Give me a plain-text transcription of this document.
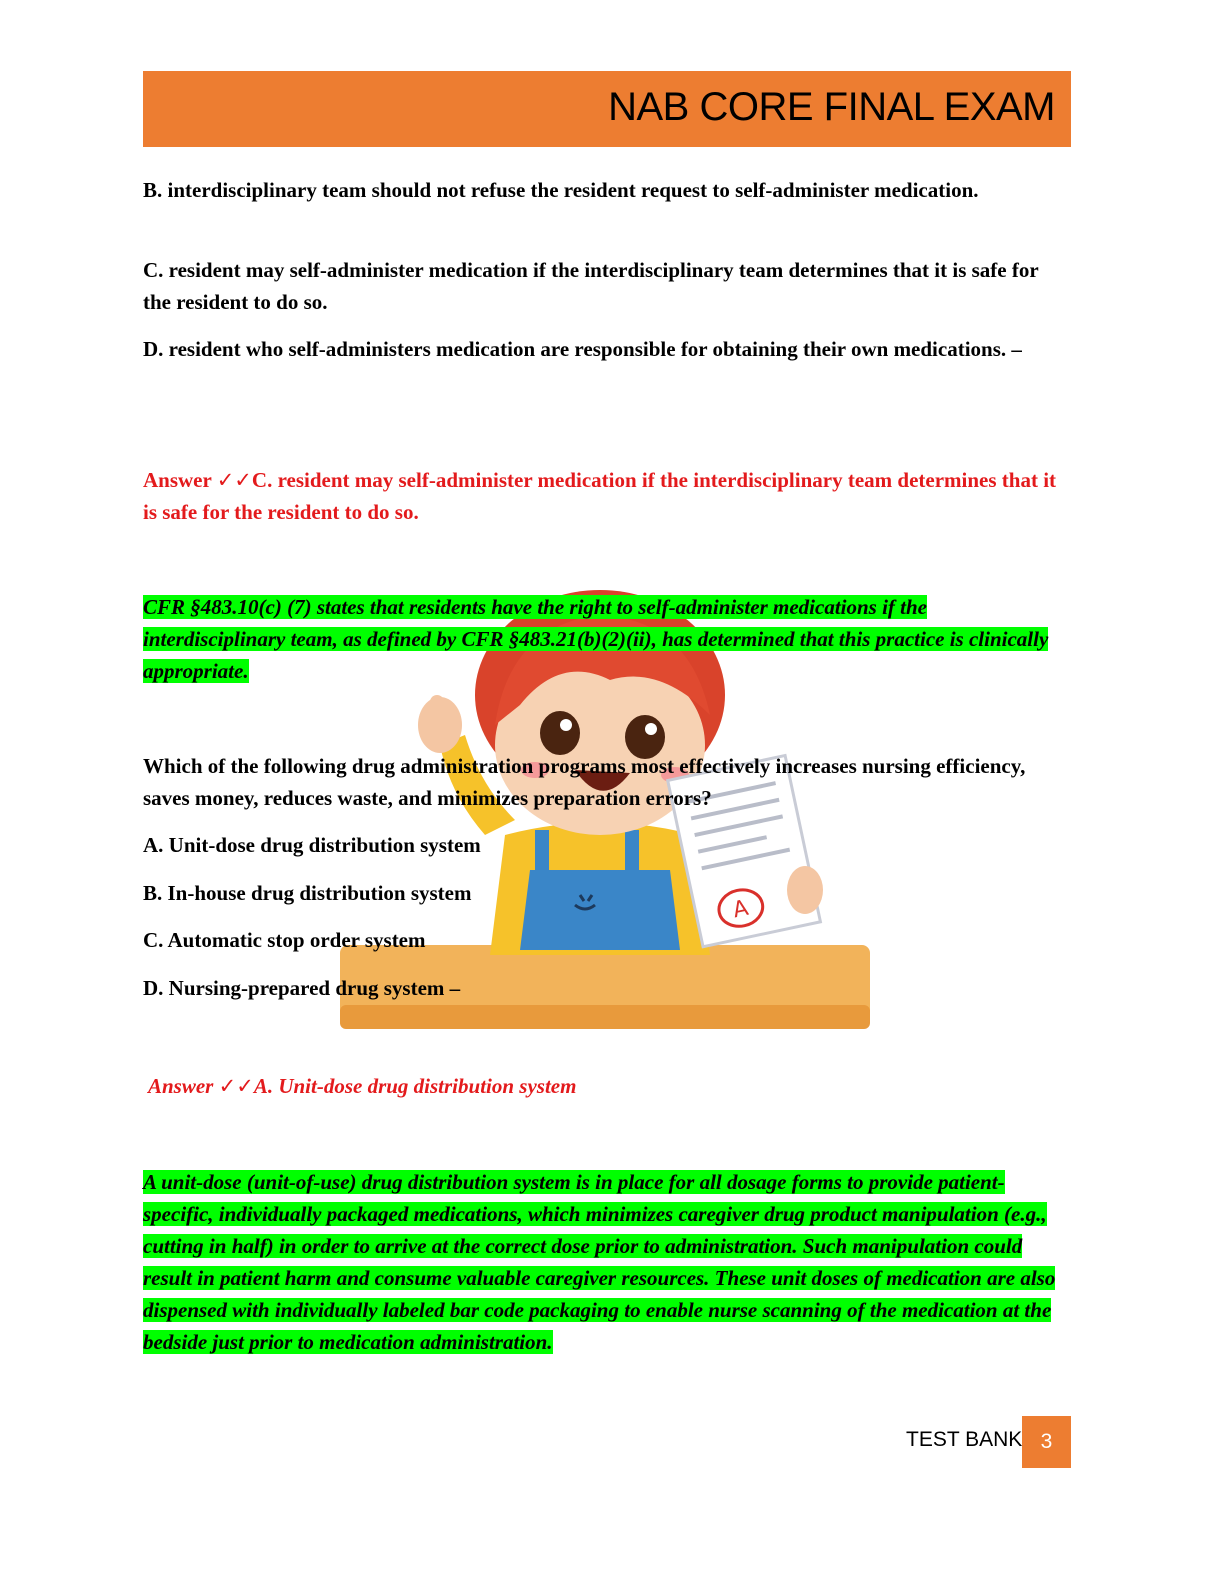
NAB CORE FINAL EXAM
A
B. interdisciplinary team should not refuse the resident request to self-administer medication.
C. resident may self-administer medication if the interdisciplinary team determines that it is safe for the resident to do so.
D. resident who self-administers medication are responsible for obtaining their own medications. –
Answer ✓✓C. resident may self-administer medication if the interdisciplinary team determines that it is safe for the resident to do so.
CFR §483.10(c) (7) states that residents have the right to self-administer medications if the interdisciplinary team, as defined by CFR §483.21(b)(2)(ii), has determined that this practice is clinically appropriate.
Which of the following drug administration programs most effectively increases nursing efficiency, saves money, reduces waste, and minimizes preparation errors?
A. Unit-dose drug distribution system
B. In-house drug distribution system
C. Automatic stop order system
D. Nursing-prepared drug system –
Answer ✓✓A. Unit-dose drug distribution system
A unit-dose (unit-of-use) drug distribution system is in place for all dosage forms to provide patient-specific, individually packaged medications, which minimizes caregiver drug product manipulation (e.g., cutting in half) in order to arrive at the correct dose prior to administration. Such manipulation could result in patient harm and consume valuable caregiver resources. These unit doses of medication are also dispensed with individually labeled bar code packaging to enable nurse scanning of the medication at the bedside just prior to medication administration.
TEST BANK 3
